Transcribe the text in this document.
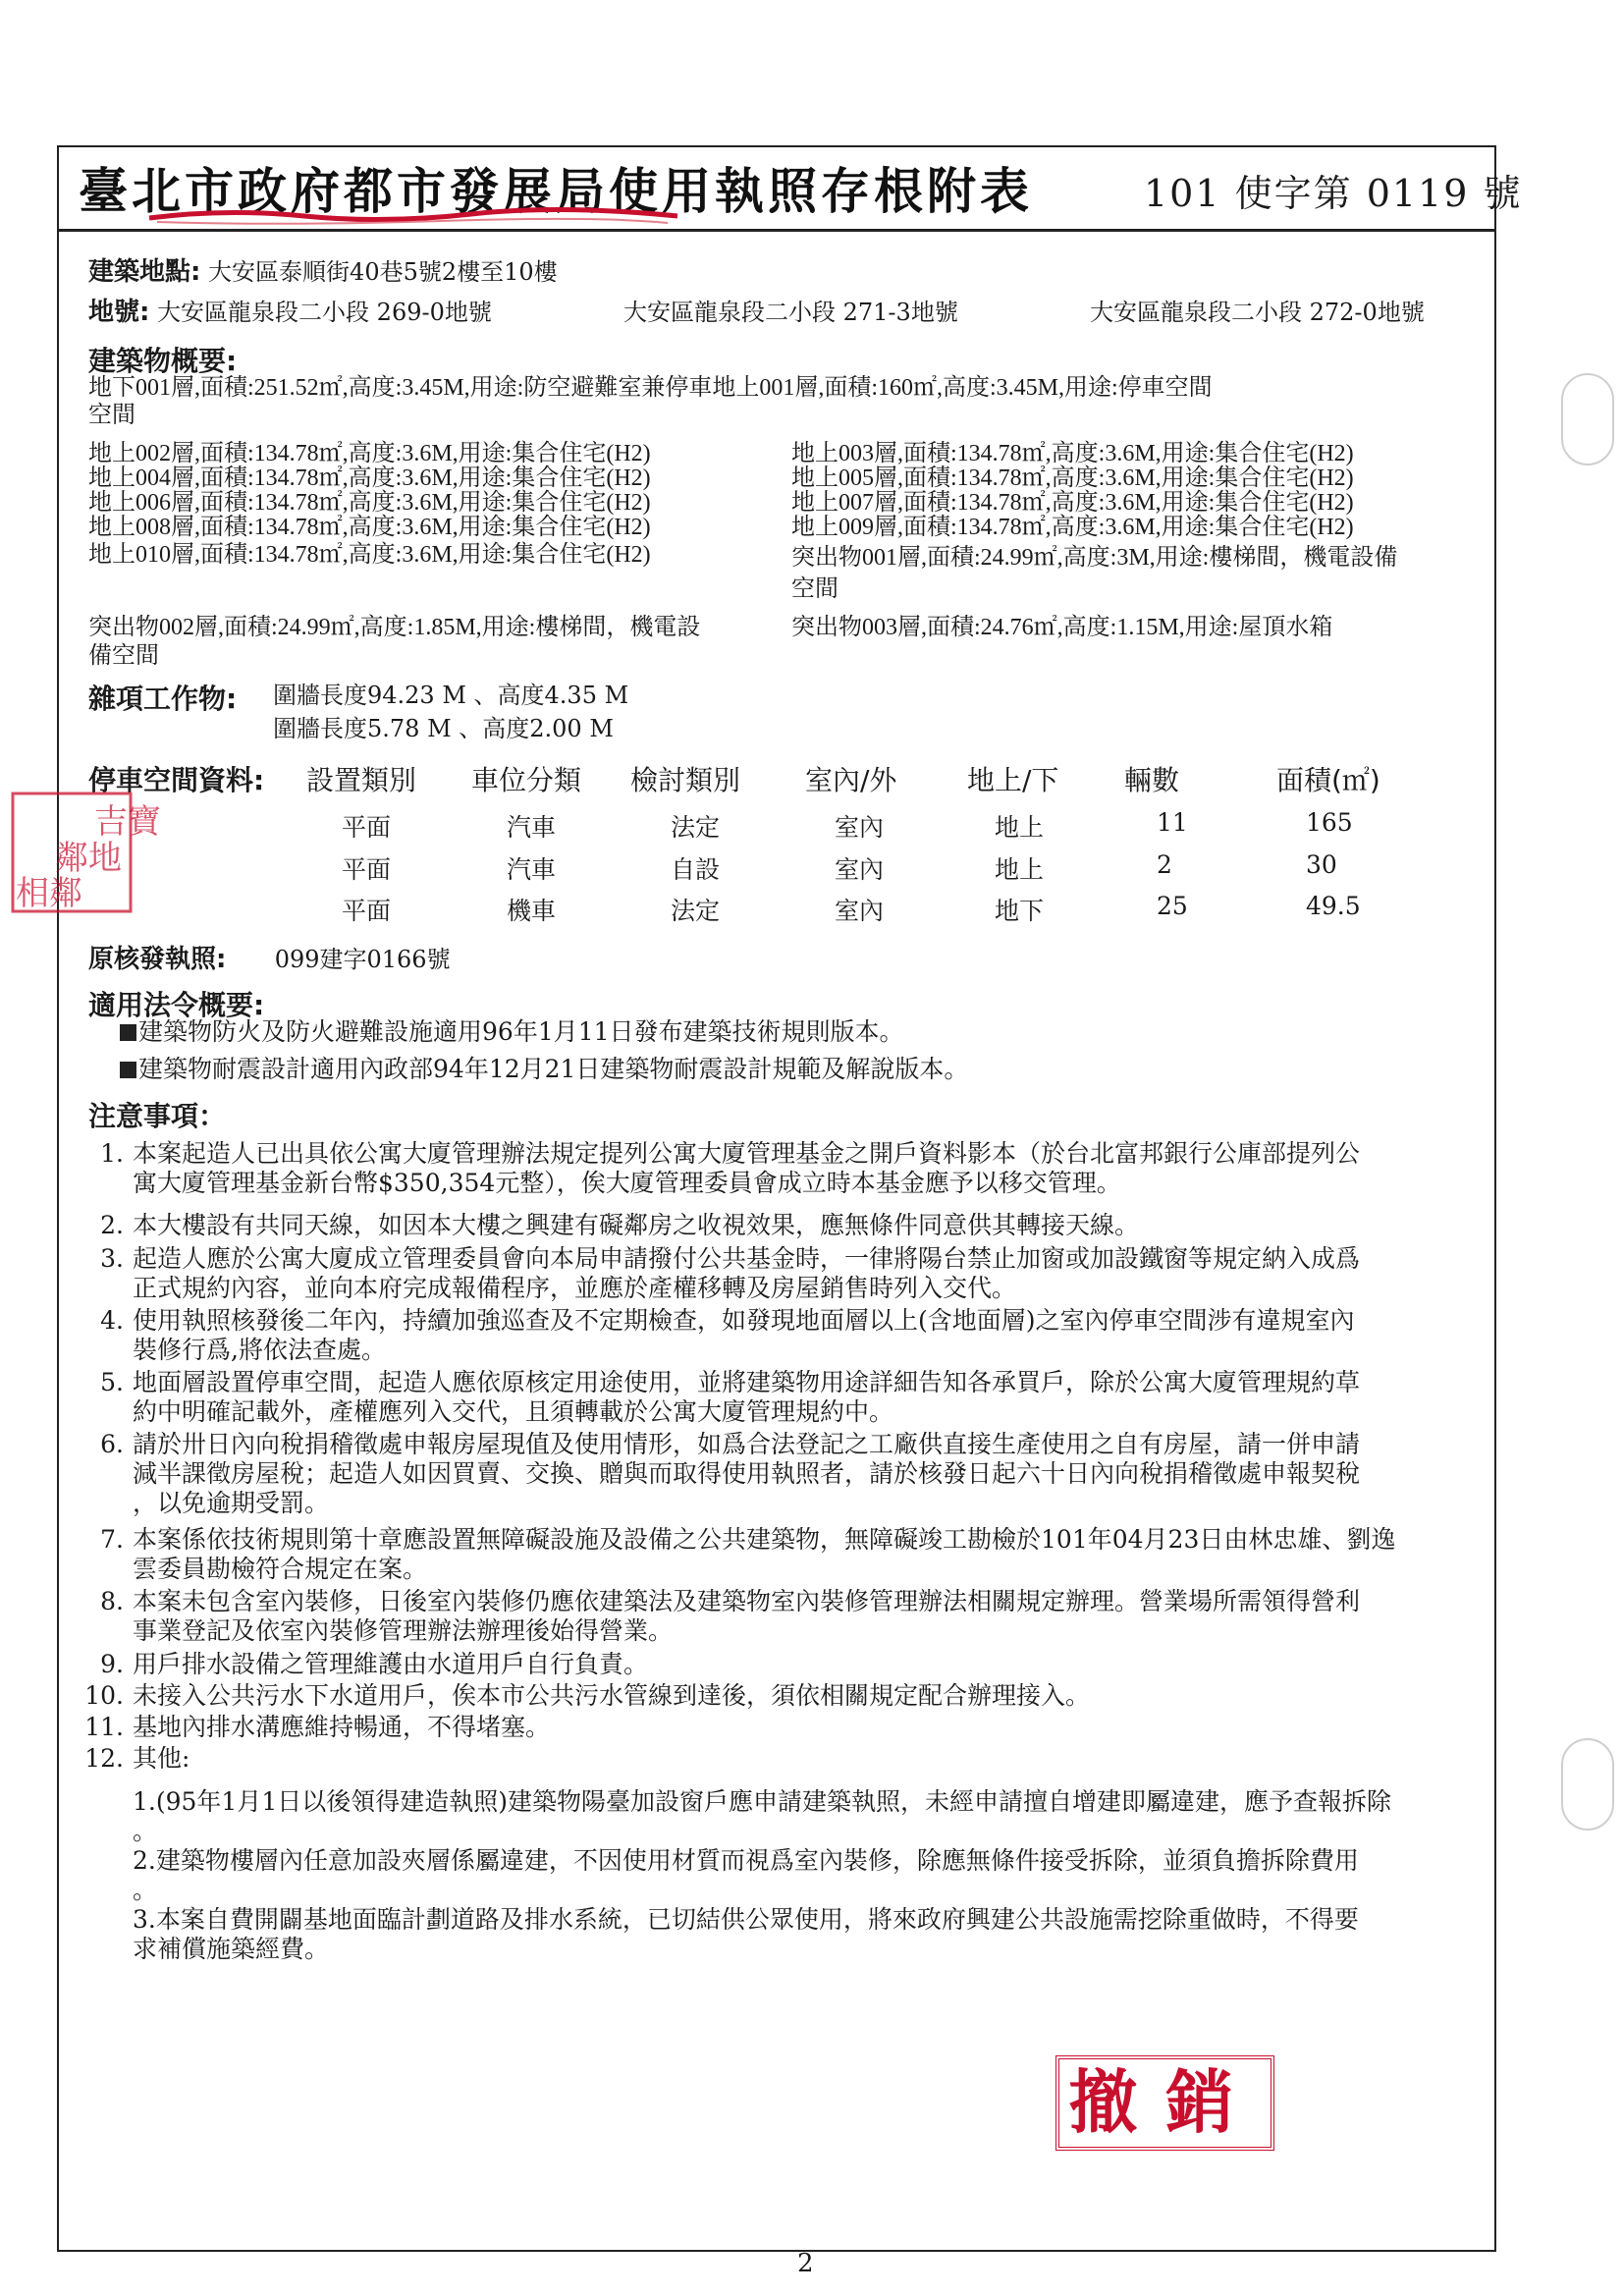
臺北市政府都市發展局使用執照存根附表	101 使字第 0119 號
建築地點: 大安區泰順街40巷5號2樓至10樓
地號: 大安區龍泉段二小段 269-0地號	大安區龍泉段二小段 271-3地號	大安區龍泉段二小段 272-0地號
建築物概要:
地下001層,面積:251.52㎡,高度:3.45M,用途:防空避難室兼停車地上001層,面積:160㎡,高度:3.45M,用途:停車空間
空間
地上002層,面積:134.78㎡,高度:3.6M,用途:集合住宅(H2)
地上004層,面積:134.78㎡,高度:3.6M,用途:集合住宅(H2)
地上006層,面積:134.78㎡,高度:3.6M,用途:集合住宅(H2)
地上008層,面積:134.78㎡,高度:3.6M,用途:集合住宅(H2)
地上010層,面積:134.78㎡,高度:3.6M,用途:集合住宅(H2)
地上003層,面積:134.78㎡,高度:3.6M,用途:集合住宅(H2)
地上005層,面積:134.78㎡,高度:3.6M,用途:集合住宅(H2)
地上007層,面積:134.78㎡,高度:3.6M,用途:集合住宅(H2)
地上009層,面積:134.78㎡,高度:3.6M,用途:集合住宅(H2)
突出物001層,面積:24.99㎡,高度:3M,用途:樓梯間，機電設備
空間
突出物002層,面積:24.99㎡,高度:1.85M,用途:樓梯間，機電設
備空間
突出物003層,面積:24.76㎡,高度:1.15M,用途:屋頂水箱
雜項工作物: 圍牆長度94.23 M 、高度4.35 M
圍牆長度5.78 M 、高度2.00 M
停車空間資料: 設置類別 車位分類 檢討類別 室內/外	地上/下 輛數	面積(㎡)
平面	汽車	法定	室內	地上	11	165
平面	汽車	自設	室內	地上	2	30
平面	機車	法定	室內	地下	25	49.5
吉寶
鄰地
相鄰
原核發執照: 099建字0166號
適用法令概要:
建築物防火及防火避難設施適用96年1月11日發布建築技術規則版本。
建築物耐震設計適用內政部94年12月21日建築物耐震設計規範及解說版本。
注意事項：
1. 本案起造人已出具依公寓大廈管理辦法規定提列公寓大廈管理基金之開戶資料影本（於台北富邦銀行公庫部提列公
寓大廈管理基金新台幣$350,354元整），俟大廈管理委員會成立時本基金應予以移交管理。
2. 本大樓設有共同天線，如因本大樓之興建有礙鄰房之收視效果，應無條件同意供其轉接天線。
3. 起造人應於公寓大廈成立管理委員會向本局申請撥付公共基金時，一律將陽台禁止加窗或加設鐵窗等規定納入成爲
正式規約內容，並向本府完成報備程序，並應於產權移轉及房屋銷售時列入交代。
4. 使用執照核發後二年內，持續加強巡查及不定期檢查，如發現地面層以上(含地面層)之室內停車空間涉有違規室內
裝修行爲,將依法查處。
5. 地面層設置停車空間，起造人應依原核定用途使用，並將建築物用途詳細告知各承買戶，除於公寓大廈管理規約草
約中明確記載外，產權應列入交代，且須轉載於公寓大廈管理規約中。
6. 請於卅日內向稅捐稽徵處申報房屋現值及使用情形，如爲合法登記之工廠供直接生產使用之自有房屋，請一併申請
減半課徵房屋稅；起造人如因買賣、交換、贈與而取得使用執照者，請於核發日起六十日內向稅捐稽徵處申報契稅
，以免逾期受罰。
7. 本案係依技術規則第十章應設置無障礙設施及設備之公共建築物，無障礙竣工勘檢於101年04月23日由林忠雄、劉逸
雲委員勘檢符合規定在案。
8. 本案未包含室內裝修，日後室內裝修仍應依建築法及建築物室內裝修管理辦法相關規定辦理。營業場所需領得營利
事業登記及依室內裝修管理辦法辦理後始得營業。
9. 用戶排水設備之管理維護由水道用戶自行負責。
10. 未接入公共污水下水道用戶，俟本市公共污水管線到達後，須依相關規定配合辦理接入。
11. 基地內排水溝應維持暢通，不得堵塞。
12. 其他:
1.(95年1月1日以後領得建造執照)建築物陽臺加設窗戶應申請建築執照，未經申請擅自增建即屬違建，應予查報拆除
。
2.建築物樓層內任意加設夾層係屬違建，不因使用材質而視爲室內裝修，除應無條件接受拆除，並須負擔拆除費用
。
3.本案自費開闢基地面臨計劃道路及排水系統，已切結供公眾使用，將來政府興建公共設施需挖除重做時，不得要
求補償施築經費。
撤銷
2
